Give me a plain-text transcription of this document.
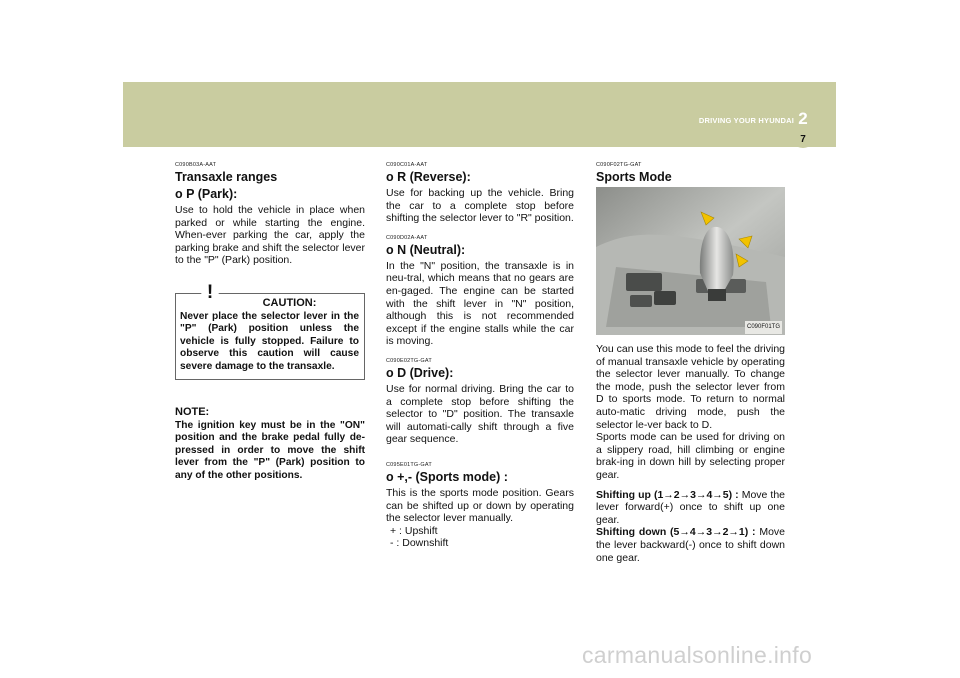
DRIVING YOUR HYUNDAI 2
7

C090B03A-AAT

Transaxle ranges
o P (Park):

Use to hold the vehicle in place when parked or while starting the engine. When-ever parking the car, apply the parking brake and shift the selector lever to the "P" (Park) position.

!	CAUTION:

Never place the selector lever in the "P" (Park) position unless the vehicle is fully stopped. Failure to observe this caution will cause severe damage to the transaxle.

NOTE:

The ignition key must be in the "ON" position and the brake pedal fully de-pressed in order to move the shift lever from the "P" (Park) position to any of the other positions.

C090C01A-AAT

o R (Reverse):

Use for backing up the vehicle. Bring the car to a complete stop before shifting the selector lever to "R" position.

C090D02A-AAT

o N (Neutral):

In the "N" position, the transaxle is in neu-tral, which means that no gears are en-gaged. The engine can be started with the shift lever in "N" position, although this is not recommended except if the engine stalls while the car is moving.

C090E02TG-GAT

o D (Drive):

Use for normal driving. Bring the car to a complete stop before shifting the selector to "D" position. The transaxle will automati-cally shift through a five gear sequence.

C095E01TG-GAT

o +,- (Sports mode) :

This is the sports mode position. Gears can be shifted up or down by operating the selector lever manually.

+ : Upshift

- : Downshift

C090F02TG-GAT

Sports Mode
C090F01TG

You can use this mode to feel the driving of manual transaxle vehicle by operating the selector lever manually. To change the mode, push the selector lever from D to sports mode. To return to normal auto-matic driving mode, push the selector le-ver back to D.

Sports mode can be used for driving on a slippery road, hill climbing or engine brak-ing in down hill by selecting proper gear.

Shifting up (1→2→3→4→5) : Move the lever forward(+) once to shift up one gear.

Shifting down (5→4→3→2→1) : Move the lever backward(-) once to shift down one gear.

carmanualsonline.info
